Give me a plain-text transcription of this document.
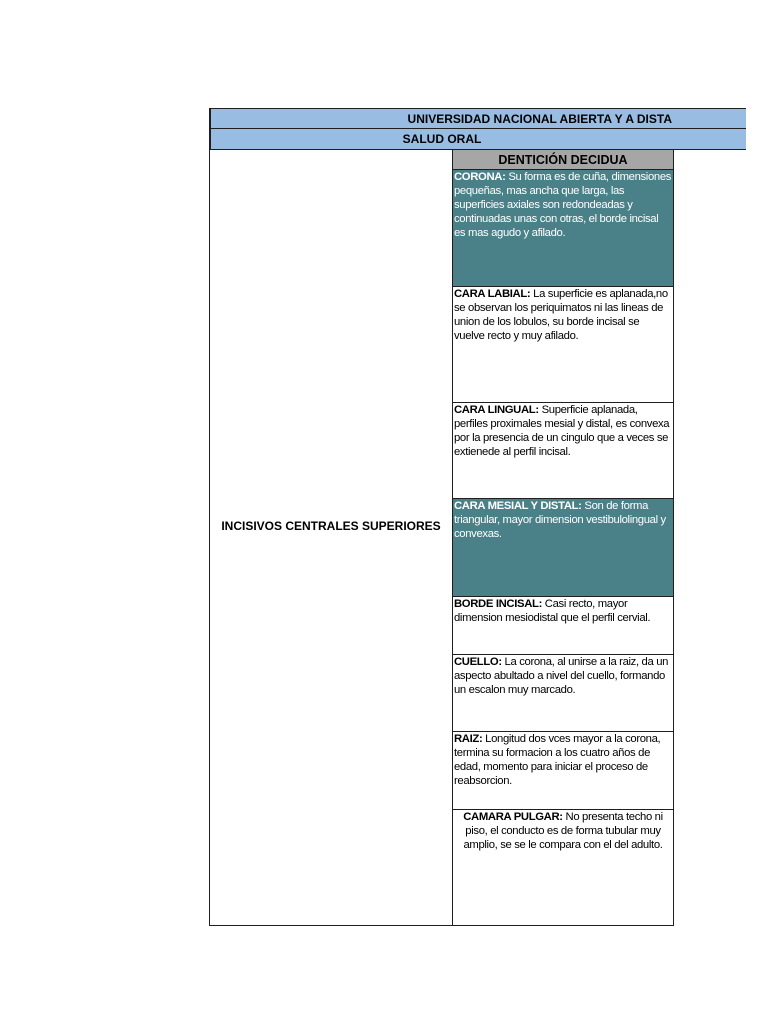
UNIVERSIDAD NACIONAL ABIERTA Y A DISTA
SALUD ORAL
DENTICIÓN DECIDUA
INCISIVOS CENTRALES SUPERIORES
CORONA: Su forma es de cuña, dimensiones pequeñas, mas ancha que larga, las superficies axiales son redondeadas y continuadas unas con otras, el borde incisal es mas agudo y afilado.
CARA LABIAL: La superficie es aplanada,no se observan los periquimatos ni las lineas de union de los lobulos, su borde incisal se vuelve recto y muy afilado.
CARA LINGUAL: Superficie aplanada, perfiles proximales mesial y distal, es convexa por la presencia de un cingulo que a veces se extienede al perfil incisal.
CARA MESIAL Y DISTAL: Son de forma triangular, mayor dimension vestibulolingual y convexas.
BORDE INCISAL: Casi recto, mayor dimension mesiodistal que el perfil cervial.
CUELLO: La corona, al unirse a la raiz, da un aspecto abultado a nivel del cuello, formando un escalon muy marcado.
RAIZ: Longitud dos vces mayor a la corona, termina su formacion a los cuatro años de edad, momento para iniciar el proceso de reabsorcion.
CAMARA PULGAR: No presenta techo ni piso, el conducto es de forma tubular muy amplio, se se le compara con el del adulto.
